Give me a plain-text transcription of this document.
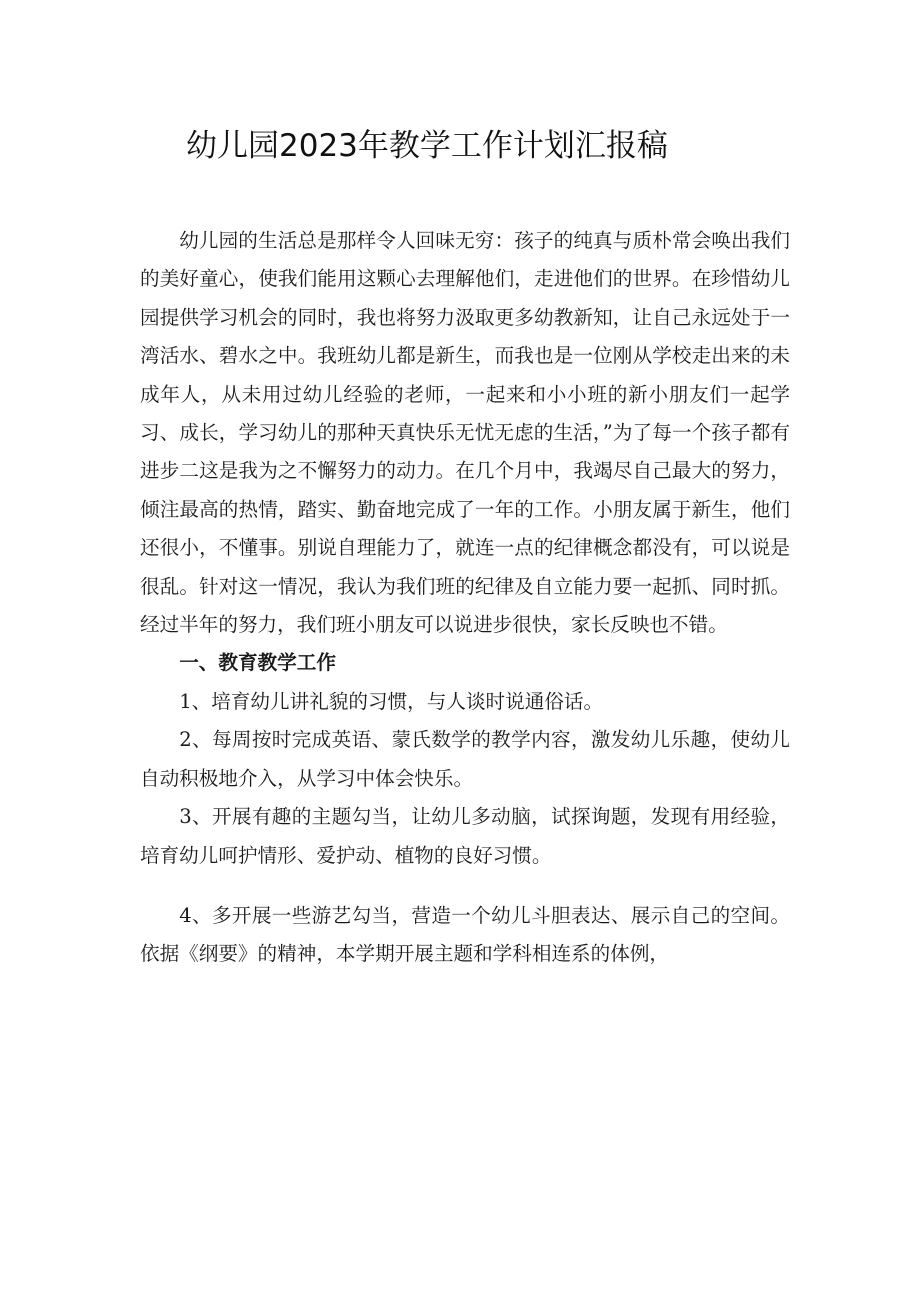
幼儿园2023年教学工作计划汇报稿

幼儿园的生活总是那样令人回味无穷：孩子的纯真与质朴常会唤出我们的美好童心，使我们能用这颗心去理解他们，走进他们的世界。在珍惜幼儿园提供学习机会的同时，我也将努力汲取更多幼教新知，让自己永远处于一湾活水、碧水之中。我班幼儿都是新生，而我也是一位刚从学校走出来的未成年人，从未用过幼儿经验的老师，一起来和小小班的新小朋友们一起学习、成长，学习幼儿的那种天真快乐无忧无虑的生活，”为了每一个孩子都有进步二这是我为之不懈努力的动力。在几个月中，我竭尽自己最大的努力，倾注最高的热情，踏实、勤奋地完成了一年的工作。小朋友属于新生，他们还很小，不懂事。别说自理能力了，就连一点的纪律概念都没有，可以说是很乱。针对这一情况，我认为我们班的纪律及自立能力要一起抓、同时抓。经过半年的努力，我们班小朋友可以说进步很快，家长反映也不错。

一、教育教学工作

1、培育幼儿讲礼貌的习惯，与人谈时说通俗话。

2、每周按时完成英语、蒙氏数学的教学内容，激发幼儿乐趣，使幼儿自动积极地介入，从学习中体会快乐。

3、开展有趣的主题勾当，让幼儿多动脑，试探询题，发现有用经验，培育幼儿呵护情形、爱护动、植物的良好习惯。

4、多开展一些游艺勾当，营造一个幼儿斗胆表达、展示自己的空间。依据《纲要》的精神，本学期开展主题和学科相连系的体例，
